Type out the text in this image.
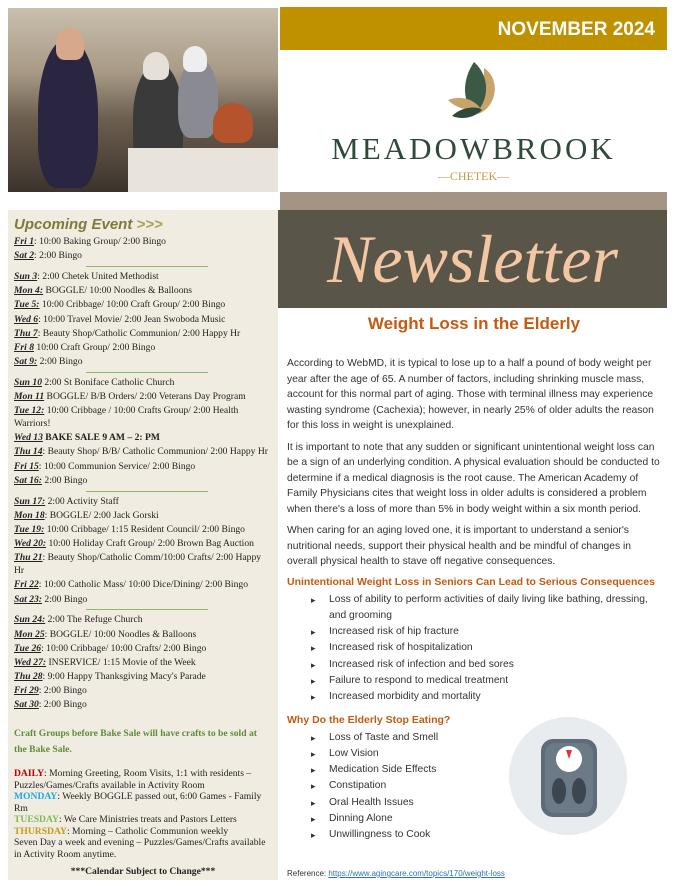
NOVEMBER 2024
MEADOWBROOK
—CHETEK—
Newsletter
Upcoming Event >>>
Fri 1: 10:00 Baking Group/ 2:00 Bingo
Sat 2: 2:00 Bingo
Sun 3: 2:00 Chetek United Methodist
Mon 4: BOGGLE/ 10:00 Noodles & Balloons
Tue 5: 10:00 Cribbage/ 10:00 Craft Group/ 2:00 Bingo
Wed 6: 10:00 Travel Movie/ 2:00 Jean Swoboda Music
Thu 7: Beauty Shop/Catholic Communion/ 2:00 Happy Hr
Fri 8 10:00 Craft Group/ 2:00 Bingo
Sat 9: 2:00 Bingo
Sun 10 2:00 St Boniface Catholic Church
Mon 11 BOGGLE/ B/B Orders/ 2:00 Veterans Day Program
Tue 12: 10:00 Cribbage / 10:00 Crafts Group/ 2:00 Health Warriors!
Wed 13 BAKE SALE 9 AM – 2: PM
Thu 14: Beauty Shop/ B/B/ Catholic Communion/ 2:00 Happy Hr
Fri 15: 10:00 Communion Service/ 2:00 Bingo
Sat 16: 2:00 Bingo
Sun 17: 2:00 Activity Staff
Mon 18: BOGGLE/ 2:00 Jack Gorski
Tue 19: 10:00 Cribbage/ 1:15 Resident Council/ 2:00 Bingo
Wed 20: 10:00 Holiday Craft Group/ 2:00 Brown Bag Auction
Thu 21: Beauty Shop/Catholic Comm/10:00 Crafts/ 2:00 Happy Hr
Fri 22: 10:00 Catholic Mass/ 10:00 Dice/Dining/ 2:00 Bingo
Sat 23: 2:00 Bingo
Sun 24: 2:00 The Refuge Church
Mon 25: BOGGLE/ 10:00 Noodles & Balloons
Tue 26: 10:00 Cribbage/ 10:00 Crafts/ 2:00 Bingo
Wed 27: INSERVICE/ 1:15 Movie of the Week
Thu 28: 9:00 Happy Thanksgiving Macy's Parade
Fri 29: 2:00 Bingo
Sat 30: 2:00 Bingo
Craft Groups before Bake Sale will have crafts to be sold at the Bake Sale.
DAILY: Morning Greeting, Room Visits, 1:1 with residents – Puzzles/Games/Crafts available in Activity Room
MONDAY: Weekly BOGGLE passed out, 6:00 Games - Family Rm
TUESDAY: We Care Ministries treats and Pastors Letters
THURSDAY: Morning – Catholic Communion weekly
Seven Day a week and evening – Puzzles/Games/Crafts available in Activity Room anytime.
***Calendar Subject to Change***
Weight Loss in the Elderly

According to WebMD, it is typical to lose up to a half a pound of body weight per year after the age of 65. A number of factors, including shrinking muscle mass, account for this normal part of aging. Those with terminal illness may experience wasting syndrome (Cachexia); however, in nearly 25% of older adults the reason for this loss in weight is unexplained.

It is important to note that any sudden or significant unintentional weight loss can be a sign of an underlying condition. A physical evaluation should be conducted to determine if a medical diagnosis is the root cause. The American Academy of Family Physicians cites that weight loss in older adults is considered a problem when there's a loss of more than 5% in body weight within a six month period.

When caring for an aging loved one, it is important to understand a senior's nutritional needs, support their physical health and be mindful of changes in overall physical health to stave off negative consequences.

Unintentional Weight Loss in Seniors Can Lead to Serious Consequences
▸ Loss of ability to perform activities of daily living like bathing, dressing, and grooming
▸ Increased risk of hip fracture
▸ Increased risk of hospitalization
▸ Increased risk of infection and bed sores
▸ Failure to respond to medical treatment
▸ Increased morbidity and mortality
Why Do the Elderly Stop Eating?
▸ Loss of Taste and Smell
▸ Low Vision
▸ Medication Side Effects
▸ Constipation
▸ Oral Health Issues
▸ Dinning Alone
▸ Unwillingness to Cook
Reference: https://www.agingcare.com/topics/170/weight-loss
